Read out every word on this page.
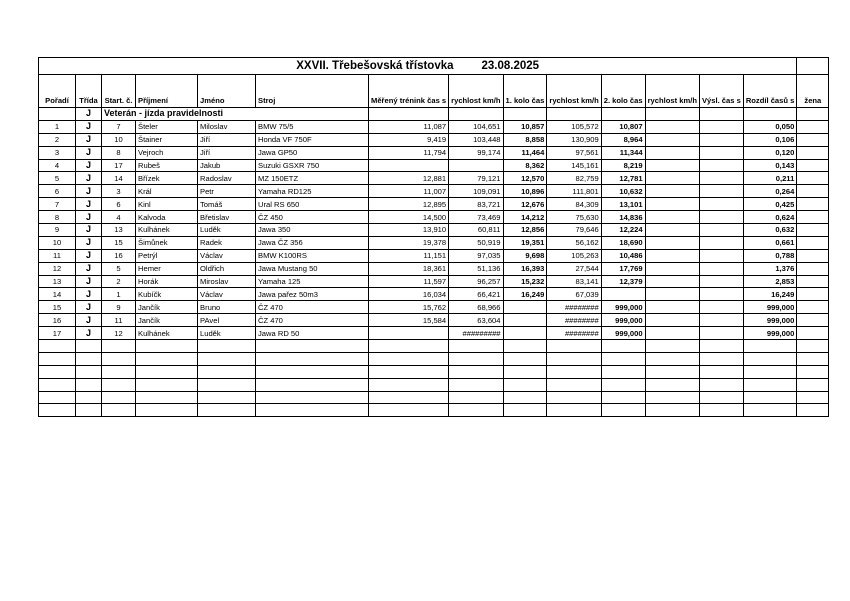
XXVII. Třebešovská třístovka 23.08.2025														
Pořadí	Třída	Start. č.	Příjmení	Jméno	Stroj	Měřený trénink čas s	rychlost km/h	1. kolo čas	rychlost km/h	2. kolo čas	rychlost km/h	Výsl. čas s	Rozdíl časů s	žena
	J	Veterán - jízda pravidelnosti												
1	J	7	Šteler	Miloslav	BMW 75/5	11,087	104,651	10,857	105,572	10,807			0,050	
2	J	10	Štainer	Jiří	Honda VF 750F	9,419	103,448	8,858	130,909	8,964			0,106	
3	J	8	Vejroch	Jiří	Jawa GP50	11,794	99,174	11,464	97,561	11,344			0,120	
4	J	17	Rubeš	Jakub	Suzuki GSXR 750			8,362	145,161	8,219			0,143	
5	J	14	Břízek	Radoslav	MZ 150ETZ	12,881	79,121	12,570	82,759	12,781			0,211	
6	J	3	Král	Petr	Yamaha RD125	11,007	109,091	10,896	111,801	10,632			0,264	
7	J	6	Kinl	Tomáš	Ural RS 650	12,895	83,721	12,676	84,309	13,101			0,425	
8	J	4	Kalvoda	Břetislav	ČZ 450	14,500	73,469	14,212	75,630	14,836			0,624	
9	J	13	Kulhánek	Luděk	Jawa 350	13,910	60,811	12,856	79,646	12,224			0,632	
10	J	15	Šimůnek	Radek	Jawa ČZ 356	19,378	50,919	19,351	56,162	18,690			0,661	
11	J	16	Petrýl	Václav	BMW K100RS	11,151	97,035	9,698	105,263	10,486			0,788	
12	J	5	Hemer	Oldřich	Jawa Mustang 50	18,361	51,136	16,393	27,544	17,769			1,376	
13	J	2	Horák	Miroslav	Yamaha 125	11,597	96,257	15,232	83,141	12,379			2,853	
14	J	1	Kubíčk	Václav	Jawa pařez 50m3	16,034	66,421	16,249	67,039				16,249	
15	J	9	Jančík	Bruno	ČZ 470	15,762	68,966		########	999,000			999,000	
16	J	11	Jančík	PAvel	ČZ 470	15,584	63,604		########	999,000			999,000	
17	J	12	Kulhánek	Luděk	Jawa RD 50		#########		########	999,000			999,000	
